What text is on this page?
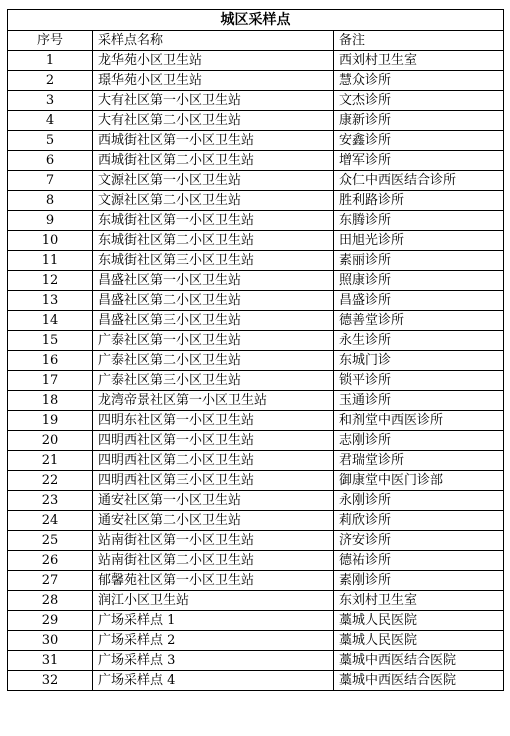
城区采样点		
序号	采样点名称	备注
1	龙华苑小区卫生站	西刘村卫生室
2	璟华苑小区卫生站	慧众诊所
3	大有社区第一小区卫生站	文杰诊所
4	大有社区第二小区卫生站	康新诊所
5	西城街社区第一小区卫生站	安鑫诊所
6	西城街社区第二小区卫生站	增军诊所
7	文源社区第一小区卫生站	众仁中西医结合诊所
8	文源社区第二小区卫生站	胜利路诊所
9	东城街社区第一小区卫生站	东腾诊所
10	东城街社区第二小区卫生站	田旭光诊所
11	东城街社区第三小区卫生站	素丽诊所
12	昌盛社区第一小区卫生站	照康诊所
13	昌盛社区第二小区卫生站	昌盛诊所
14	昌盛社区第三小区卫生站	德善堂诊所
15	广泰社区第一小区卫生站	永生诊所
16	广泰社区第二小区卫生站	东城门诊
17	广泰社区第三小区卫生站	锁平诊所
18	龙湾帝景社区第一小区卫生站	玉通诊所
19	四明东社区第一小区卫生站	和剂堂中西医诊所
20	四明西社区第一小区卫生站	志刚诊所
21	四明西社区第二小区卫生站	君瑞堂诊所
22	四明西社区第三小区卫生站	御康堂中医门诊部
23	通安社区第一小区卫生站	永刚诊所
24	通安社区第二小区卫生站	莉欣诊所
25	站南街社区第一小区卫生站	济安诊所
26	站南街社区第二小区卫生站	德祐诊所
27	郁馨苑社区第一小区卫生站	素刚诊所
28	润江小区卫生站	东刘村卫生室
29	广场采样点 1	藁城人民医院
30	广场采样点 2	藁城人民医院
31	广场采样点 3	藁城中西医结合医院
32	广场采样点 4	藁城中西医结合医院
